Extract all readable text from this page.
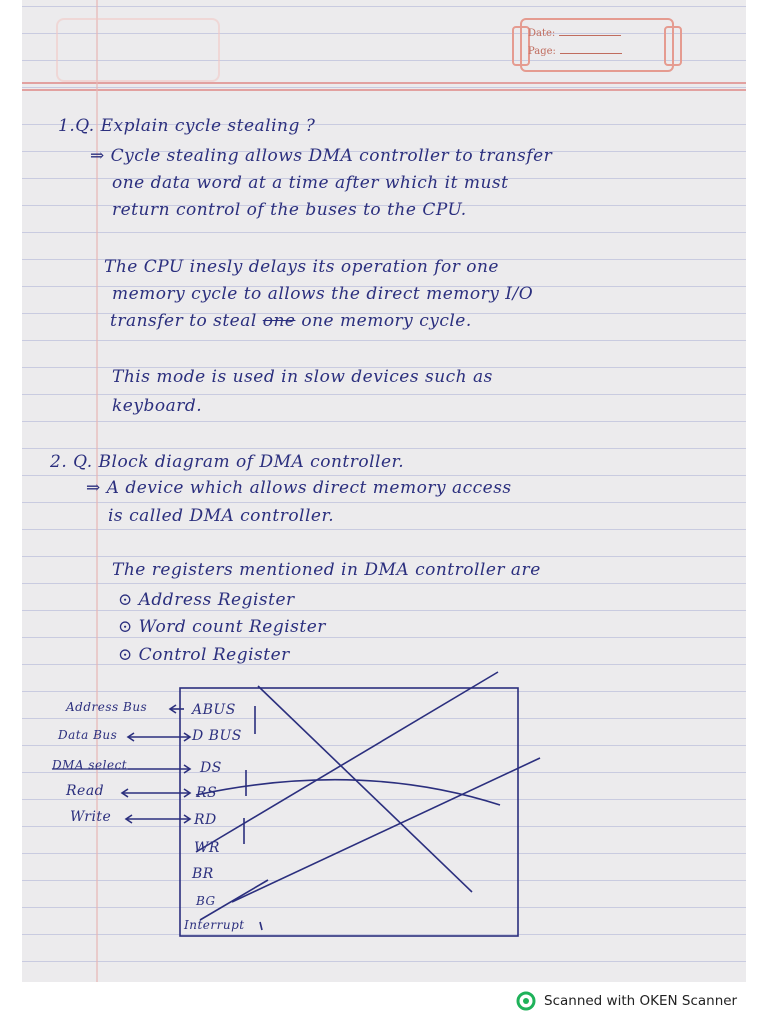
Date:
Page:
1.Q. Explain cycle stealing ?
⇒ Cycle stealing allows DMA controller to transfer
one data word at a time after which it must
return control of the buses to the CPU.
The CPU inesly delays its operation for one
memory cycle to allows the direct memory I/O
transfer to steal one one memory cycle.
This mode is used in slow devices such as
keyboard.
2. Q. Block diagram of DMA controller.
⇒ A device which allows direct memory access
is called DMA controller.
The registers mentioned in DMA controller are
⊙ Address Register
⊙ Word count Register
⊙ Control Register
Address Bus
Data Bus
DMA select
Read
Write
ABUS
D BUS
DS
RS
RD
WR
BR
BG
Interrupt
Scanned with OKEN Scanner
